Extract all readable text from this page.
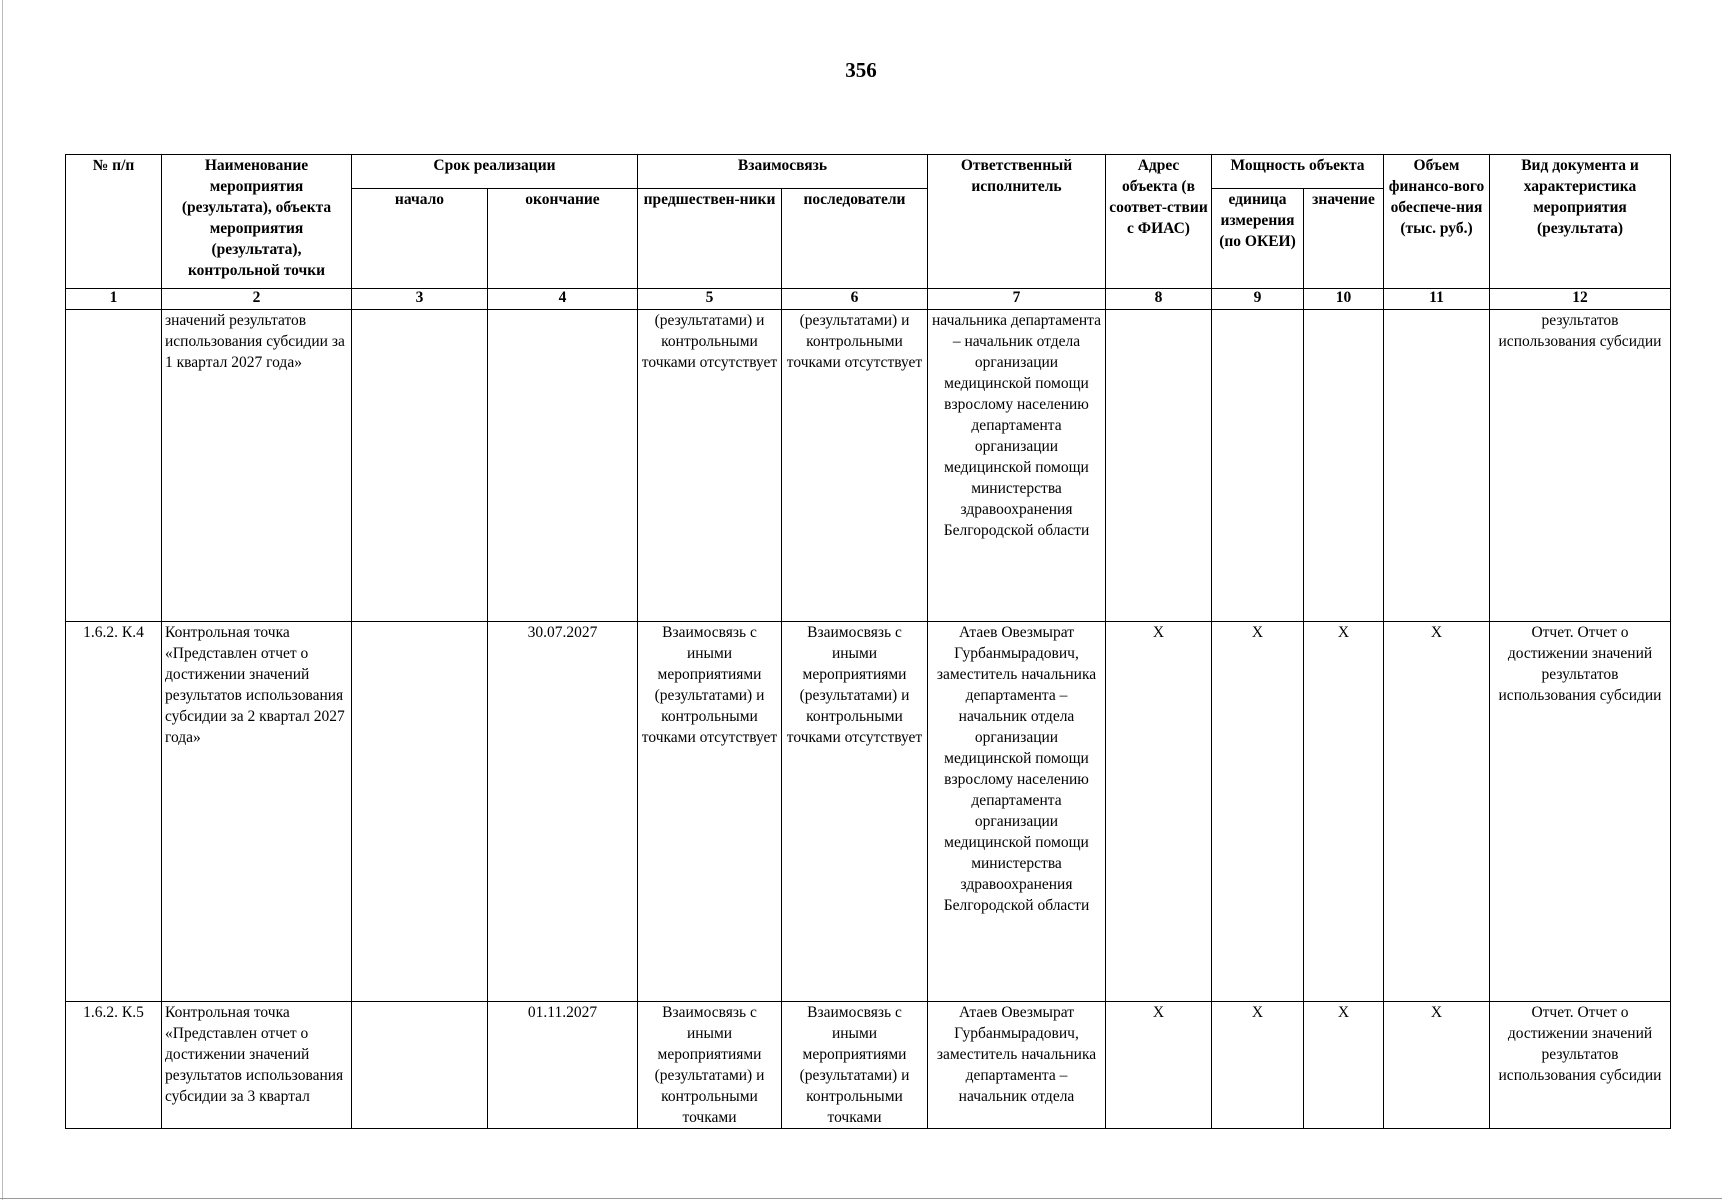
356
№ п/п	Наименование мероприятия (результата), объекта мероприятия (результата), контрольной точки	Срок реализации		Взаимосвязь		Ответственный исполнитель	Адрес объекта (в соответ-ствии с ФИАС)	Мощность объекта		Объем финансо-вого обеспече-ния (тыс. руб.)	Вид документа и характеристика мероприятия (результата)
		начало	окончание	предшествен-ники	последователи			единица измерения (по ОКЕИ)	значение		
1	2	3	4	5	6	7	8	9	10	11	12
	значений результатов использования субсидии за 1 квартал 2027 года»			(результатами) и контрольными точками отсутствует	(результатами) и контрольными точками отсутствует	начальника департамента – начальник отдела организации медицинской помощи взрослому населению департамента организации медицинской помощи министерства здравоохранения Белгородской области					результатов использования субсидии
1.6.2. К.4	Контрольная точка «Представлен отчет о достижении значений результатов использования субсидии за 2 квартал 2027 года»		30.07.2027	Взаимосвязь с иными мероприятиями (результатами) и контрольными точками отсутствует	Взаимосвязь с иными мероприятиями (результатами) и контрольными точками отсутствует	Атаев Овезмырат Гурбанмырадович, заместитель начальника департамента – начальник отдела организации медицинской помощи взрослому населению департамента организации медицинской помощи министерства здравоохранения Белгородской области	Х	Х	Х	Х	Отчет. Отчет о достижении значений результатов использования субсидии
1.6.2. К.5	Контрольная точка «Представлен отчет о достижении значений результатов использования субсидии за 3 квартал		01.11.2027	Взаимосвязь с иными мероприятиями (результатами) и контрольными точками	Взаимосвязь с иными мероприятиями (результатами) и контрольными точками	Атаев Овезмырат Гурбанмырадович, заместитель начальника департамента – начальник отдела	Х	Х	Х	Х	Отчет. Отчет о достижении значений результатов использования субсидии
